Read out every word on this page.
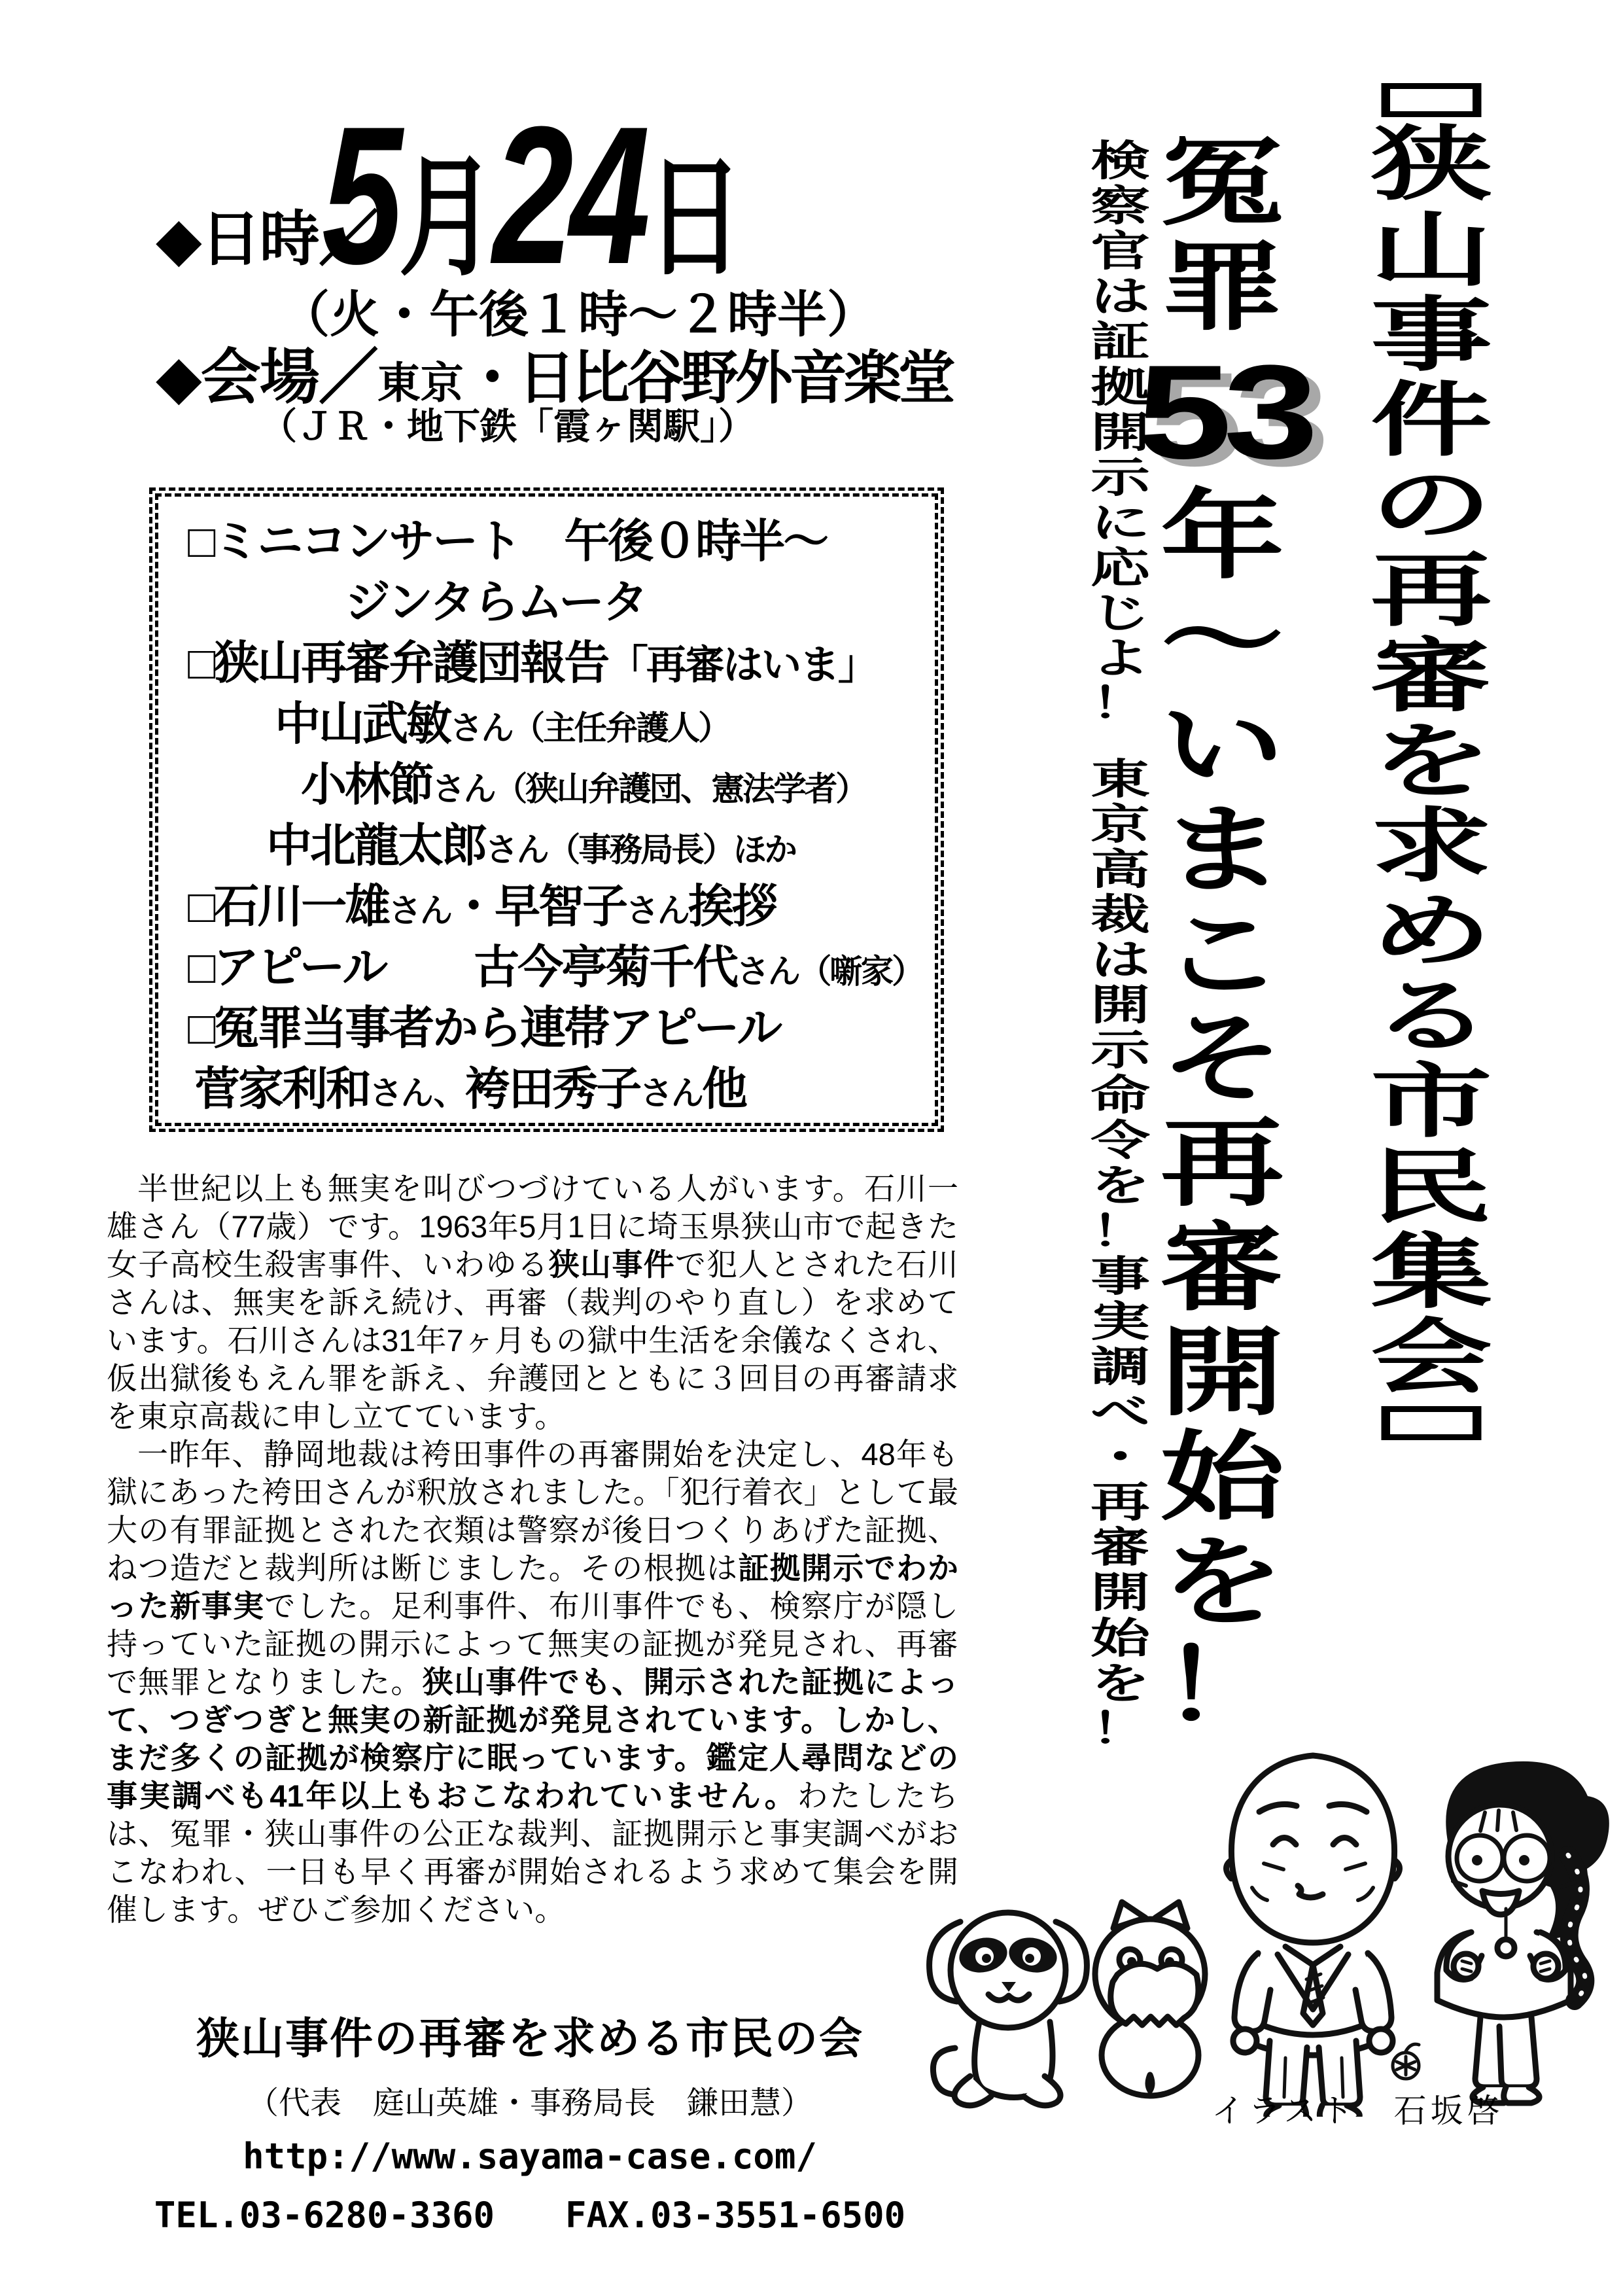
◆日時／
5 月 24 日
（火・午後１時〜２時半）
◆会場／ 東京 ・日比谷野外音楽堂
（ＪＲ・地下鉄「霞ヶ関駅」）
□ミニコンサート　午後０時半〜
ジンタらムータ
□狭山再審弁護団報告「再審はいま」
中山武敏さん（主任弁護人）
小林節さん（狭山弁護団、憲法学者）
中北龍太郎さん（事務局長）ほか
□石川一雄さん・早智子さん挨拶
□アピール　　古今亭菊千代さん（噺家）
□冤罪当事者から連帯アピール
菅家利和さん、袴田秀子さん他

半世紀以上も無実を叫びつづけている人がいます。石川一雄さん（77歳）です。1963年5月1日に埼玉県狭山市で起きた女子高校生殺害事件、いわゆる狭山事件で犯人とされた石川さんは、無実を訴え続け、再審（裁判のやり直し）を求めています。石川さんは31年7ヶ月もの獄中生活を余儀なくされ、仮出獄後もえん罪を訴え、弁護団とともに３回目の再審請求を東京高裁に申し立てています。

一昨年、静岡地裁は袴田事件の再審開始を決定し、48年も獄にあった袴田さんが釈放されました。「犯行着衣」として最大の有罪証拠とされた衣類は警察が後日つくりあげた証拠、ねつ造だと裁判所は断じました。その根拠は証拠開示でわかった新事実でした。足利事件、布川事件でも、検察庁が隠し持っていた証拠の開示によって無実の証拠が発見され、再審で無罪となりました。狭山事件でも、開示された証拠によって、つぎつぎと無実の新証拠が発見されています。しかし、まだ多くの証拠が検察庁に眠っています。鑑定人尋問などの事実調べも41年以上もおこなわれていません。わたしたちは、冤罪・狭山事件の公正な裁判、証拠開示と事実調べがおこなわれ、一日も早く再審が開始されるよう求めて集会を開催します。ぜひご参加ください。

狭山事件の再審を求める市民の会
（代表　庭山英雄・事務局長　鎌田慧）
http://www.sayama-case.com/
TEL.03-6280-3360　　FAX.03-3551-6500
狭
山
事
件
の
再
審
を
求
め
る
市
民
集
会
冤
罪
53
年
〜
い
ま
こ
そ
再
審
開
始
を
！
検
察
官
は
証
拠
開
示
に
応
じ
よ
！
東
京
高
裁
は
開
示
命
令
を
！
事
実
調
べ
・
再
審
開
始
を
！
イラスト　石坂啓
